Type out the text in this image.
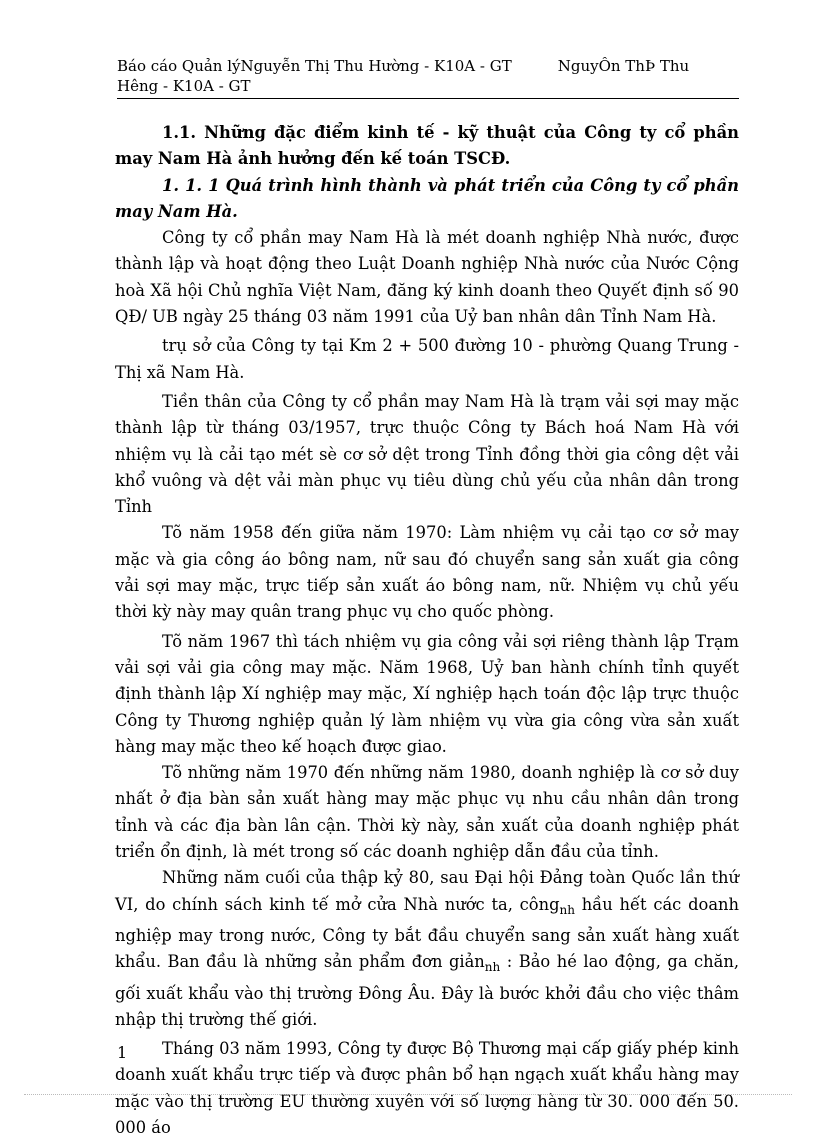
Báo cáo Quản lýNguyễn Thị Thu Hường - K10A - GT	NguyÔn ThÞ Thu
Hêng - K10A - GT

1.1. Những đặc điểm kinh tế - kỹ thuật của Công ty cổ phần may Nam Hà ảnh hưởng đến kế toán TSCĐ.

1. 1. 1 Quá trình hình thành và phát triển của Công ty cổ phần may Nam Hà.

Công ty cổ phần may Nam Hà là mét doanh nghiệp Nhà nước, được thành lập và hoạt động theo Luật Doanh nghiệp Nhà nước của Nước Cộng hoà Xã hội Chủ nghĩa Việt Nam, đăng ký kinh doanh theo Quyết định số 90 QĐ/ UB ngày 25 tháng 03 năm 1991 của Uỷ ban nhân dân Tỉnh Nam Hà.

trụ sở của Công ty tại Km 2 + 500 đường 10 - phường Quang Trung - Thị xã Nam Hà.

Tiền thân của Công ty cổ phần may Nam Hà là trạm vải sợi may mặc thành lập từ tháng 03/1957, trực thuộc Công ty Bách hoá Nam Hà với nhiệm vụ là cải tạo mét sè cơ sở dệt trong Tỉnh đồng thời gia công dệt vải khổ vuông và dệt vải màn phục vụ tiêu dùng chủ yếu của nhân dân trong Tỉnh

Tõ năm 1958 đến giữa năm 1970: Làm nhiệm vụ cải tạo cơ sở may mặc và gia công áo bông nam, nữ sau đó chuyển sang sản xuất gia công vải sợi may mặc, trực tiếp sản xuất áo bông nam, nữ. Nhiệm vụ chủ yếu thời kỳ này may quân trang phục vụ cho quốc phòng.

Tõ năm 1967 thì tách nhiệm vụ gia công vải sợi riêng thành lập Trạm vải sợi vải gia công may mặc. Năm 1968, Uỷ ban hành chính tỉnh quyết định thành lập Xí nghiệp may mặc, Xí nghiệp hạch toán độc lập trực thuộc Công ty Thương nghiệp quản lý làm nhiệm vụ vừa gia công vừa sản xuất hàng may mặc theo kế hoạch được giao.

Tõ những năm 1970 đến những năm 1980, doanh nghiệp là cơ sở duy nhất ở địa bàn sản xuất hàng may mặc phục vụ nhu cầu nhân dân trong tỉnh và các địa bàn lân cận. Thời kỳ này, sản xuất của doanh nghiệp phát triển ổn định, là mét trong số các doanh nghiệp dẫn đầu của tỉnh.

Những năm cuối của thập kỷ 80, sau Đại hội Đảng toàn Quốc lần thứ VI, do chính sách kinh tế mở cửa Nhà nước ta, công$_{nh}$ hầu hết các doanh nghiệp may trong nước, Công ty bắt đầu chuyển sang sản xuất hàng xuất khẩu. Ban đầu là những sản phẩm đơn giản$_{nh}$ : Bảo hé lao động, ga chăn, gối xuất khẩu vào thị trường Đông Âu. Đây là bước khởi đầu cho việc thâm nhập thị trường thế giới.

Tháng 03 năm 1993, Công ty được Bộ Thương mại cấp giấy phép kinh doanh xuất khẩu trực tiếp và được phân bổ hạn ngạch xuất khẩu hàng may mặc vào thị trường EU thường xuyên với số lượng hàng từ 30. 000 đến 50. 000 áo

1
